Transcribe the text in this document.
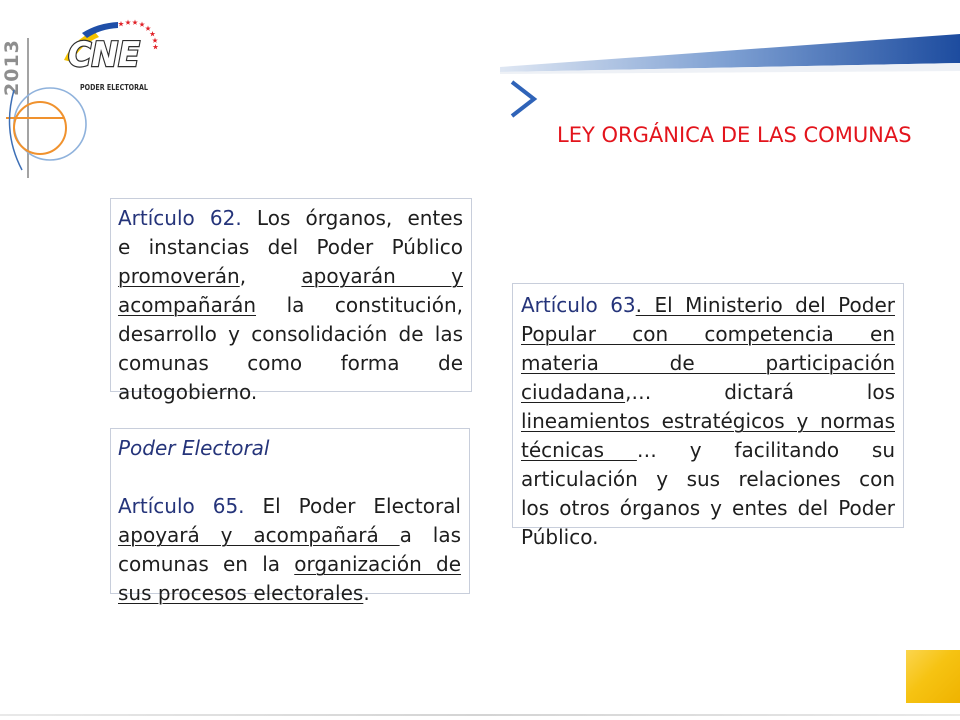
2013 CNE
PODER ELECTORAL
LEY ORGÁNICA DE LAS COMUNAS
Artículo 62. Los órganos, entes
e instancias del Poder Público
promoverán, apoyarán y
acompañarán la constitución,
desarrollo y consolidación de las
comunas como forma de
autogobierno.
Poder Electoral
Artículo 65. El Poder Electoral
apoyará y acompañará a las
comunas en la organización de
sus procesos electorales.
Artículo 63. El Ministerio del Poder
Popular con competencia en
materia de participación
ciudadana,… dictará los
lineamientos estratégicos y normas
técnicas … y facilitando su
articulación y sus relaciones con
los otros órganos y entes del Poder
Público.
